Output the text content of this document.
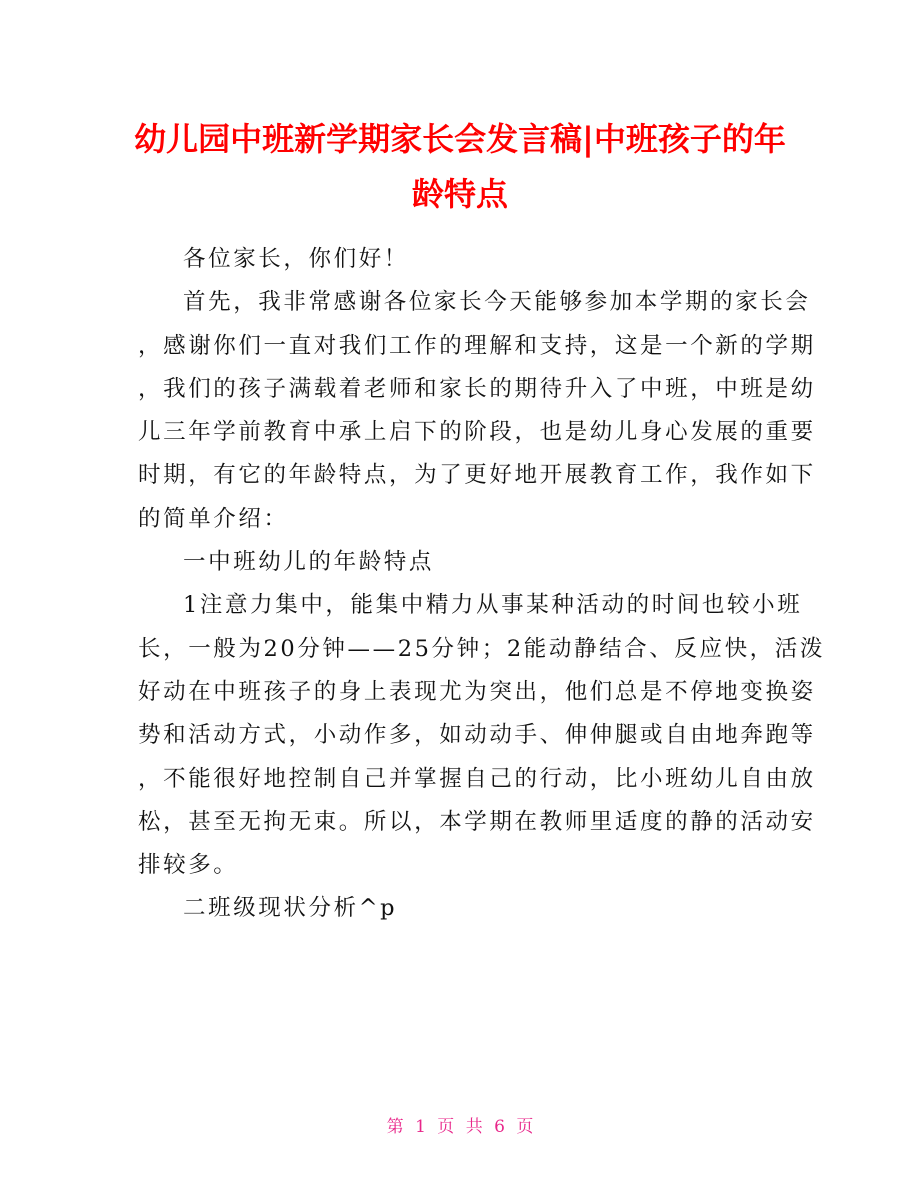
幼儿园中班新学期家长会发言稿|中班孩子的年
龄特点
各位家长，你们好！
首先，我非常感谢各位家长今天能够参加本学期的家长会
，感谢你们一直对我们工作的理解和支持，这是一个新的学期
，我们的孩子满载着老师和家长的期待升入了中班，中班是幼
儿三年学前教育中承上启下的阶段，也是幼儿身心发展的重要
时期，有它的年龄特点，为了更好地开展教育工作，我作如下
的简单介绍：
一中班幼儿的年龄特点
1注意力集中，能集中精力从事某种活动的时间也较小班
长，一般为20分钟——25分钟；2能动静结合、反应快，活泼
好动在中班孩子的身上表现尤为突出，他们总是不停地变换姿
势和活动方式，小动作多，如动动手、伸伸腿或自由地奔跑等
，不能很好地控制自己并掌握自己的行动，比小班幼儿自由放
松，甚至无拘无束。所以，本学期在教师里适度的静的活动安
排较多。
二班级现状分析^p
第 1 页 共 6 页
